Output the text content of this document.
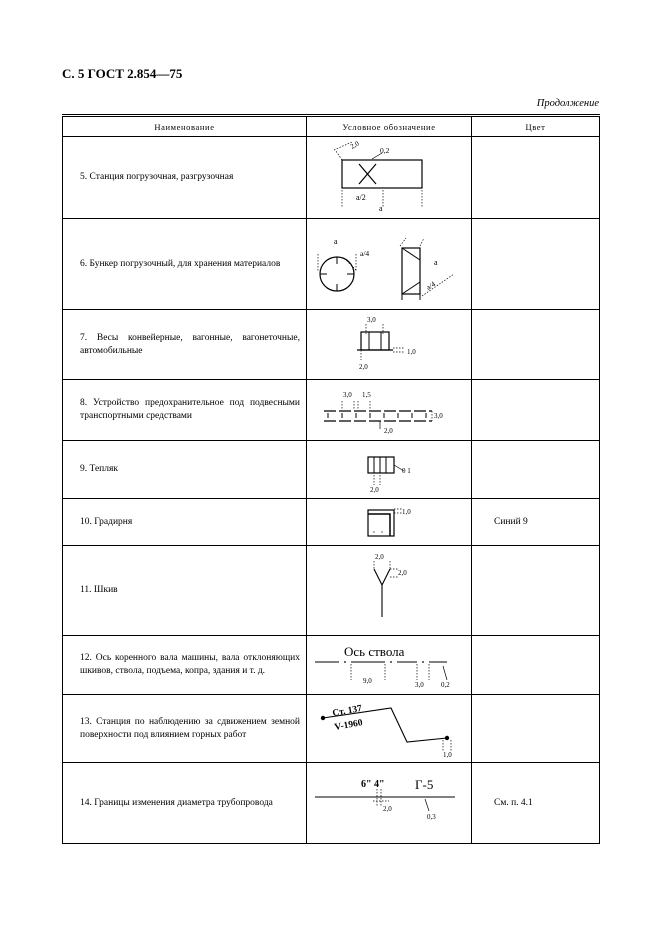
С. 5 ГОСТ 2.854—75
Продолжение
Наименование	Условное обозначение	Цвет
5. Станция погрузочная, разгрузочная	2,0 0,2
a/2
a	

6. Бункер погрузочный, для хранения материалов	a
a/4
a
a/4	

7. Весы конвейерные, вагонные, вагонеточные, автомобильные	3,0
1,0
2,0	

8. Устройство предохранительное под подвесными транспортными средствами	3,0 1,5
3,0
2,0	

9. Тепляк	0 1
2,0	

10. Градирня	1,0	Синий 9
11. Шкив	2,0
2,0	

12. Ось коренного вала машины, вала отклоняющих шкивов, ствола, подъема, копра, здания и т. д.	Ось ствола
9,0 3,0 0,2	

13. Станция по наблюдению за сдвижением земной поверхности под влиянием горных работ	Ст. 137
V-1960
1,0	

14. Границы изменения диаметра трубопровода	6" 4" Г-5
2,0
0,3	См. п. 4.1
